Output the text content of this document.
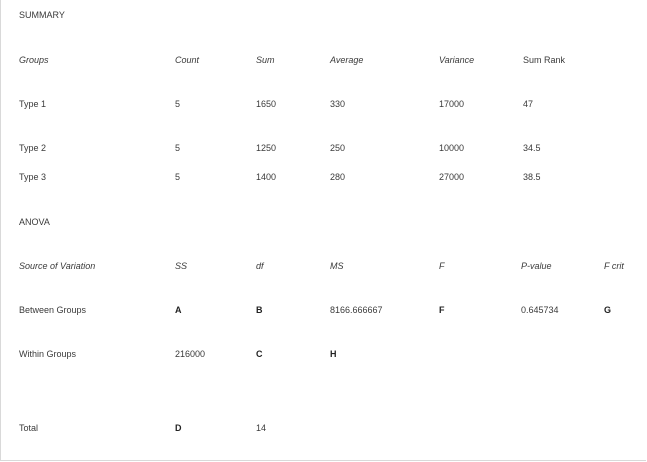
SUMMARY
Groups	Count	Sum	Average	Variance	Sum Rank
Type 1	5	1650	330	17000	47
Type 2	5	1250	250	10000	34.5
Type 3	5	1400	280	27000	38.5
ANOVA
Source of Variation	SS	df	MS	F	P-value	F crit
Between Groups	A	B	8166.666667	F	0.645734	G
Within Groups	216000	C	H
Total	D	14
